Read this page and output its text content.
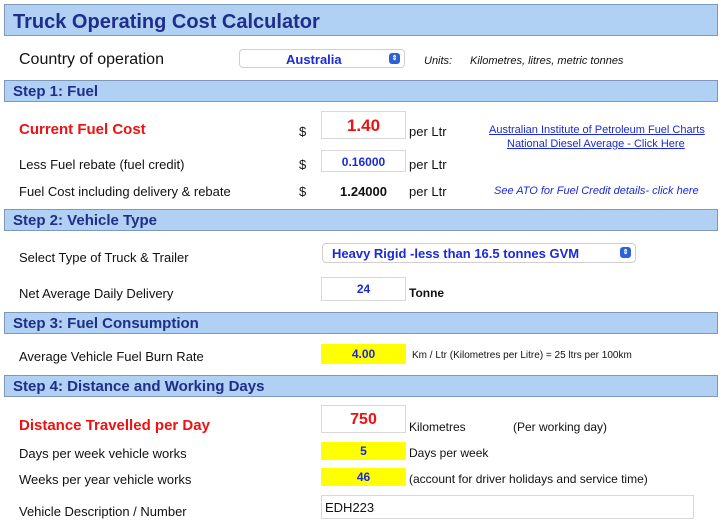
Truck Operating Cost Calculator
Country of operation	Australia	⇕ Units: Kilometres, litres, metric tonnes
Step 1: Fuel
Current Fuel Cost	$	1.40	per Ltr	Australian Institute of Petroleum Fuel Charts
National Diesel Average - Click Here
Less Fuel rebate (fuel credit)	$	0.16000	per Ltr
Fuel Cost including delivery & rebate	$	1.24000 per Ltr	See ATO for Fuel Credit details- click here
Step 2: Vehicle Type
Select Type of Truck & Trailer	Heavy Rigid -less than 16.5 tonnes GVM	⇕
Net Average Daily Delivery	24	Tonne
Step 3: Fuel Consumption
Average Vehicle Fuel Burn Rate	4.00	Km / Ltr (Kilometres per Litre) = 25 ltrs per 100km
Step 4: Distance and Working Days
Distance Travelled per Day	750	Kilometres	(Per working day)
Days per week vehicle works	5	Days per week
Weeks per year vehicle works	46	(account for driver holidays and service time)
Vehicle Description / Number	EDH223
